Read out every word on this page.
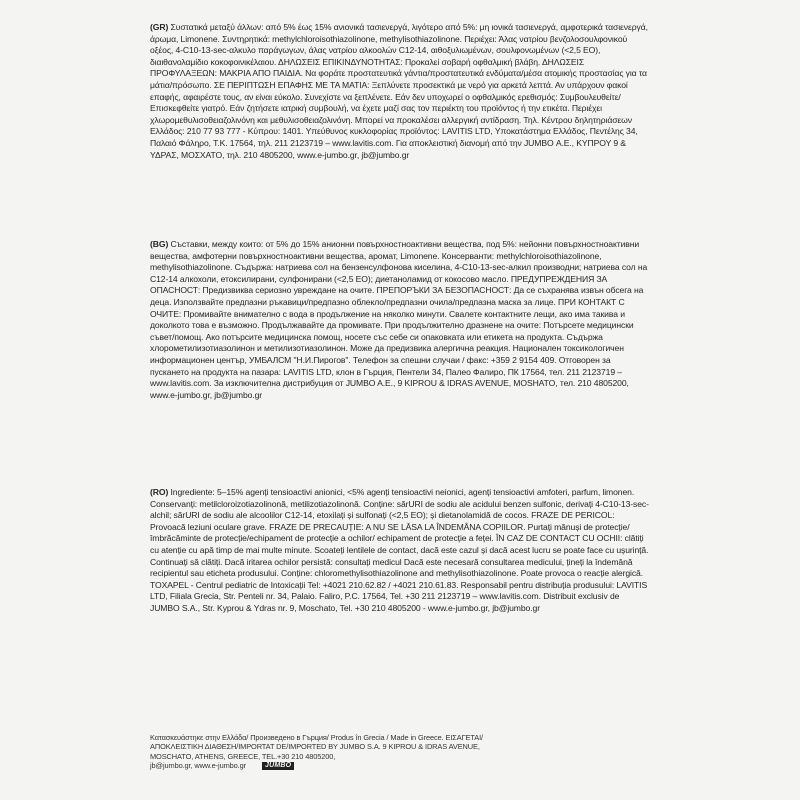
(GR) Συστατικά μεταξύ άλλων: από 5% έως 15% ανιονικά τασιενεργά, λιγότερο από 5%: μη ιονικά τασιενεργά, αμφοτερικά τασιενεργά, άρωμα, Limonene. Συντηρητικά: methylchloroisothiazolinone, methylisothiazolinone. Περιέχει: Άλας νατρίου βενζολοσουλφονικού οξέος, 4-C10-13-sec-αλκυλο παράγωγων, άλας νατρίου αλκοολών C12-14, αιθοξυλιωμένων, σουλφονωμένων (<2,5 EO), διαιθανολαμίδιο κοκοφοινικέλαιου. ΔΗΛΩΣΕΙΣ ΕΠΙΚΙΝΔΥΝΟΤΗΤΑΣ: Προκαλεί σοβαρή οφθαλμική βλάβη. ΔΗΛΩΣΕΙΣ ΠΡΟΦΥΛΑΞΕΩΝ: ΜΑΚΡΙΑ ΑΠΟ ΠΑΙΔΙΑ. Να φοράτε προστατευτικά γάντια/προστατευτικά ενδύματα/μέσα ατομικής προστασίας για τα μάτια/πρόσωπο. ΣΕ ΠΕΡΙΠΤΩΣΗ ΕΠΑΦΗΣ ΜΕ ΤΑ ΜΑΤΙΑ: Ξεπλύνετε προσεκτικά με νερό για αρκετά λεπτά. Αν υπάρχουν φακοί επαφής, αφαιρέστε τους, αν είναι εύκολο. Συνεχίστε να ξεπλένετε. Εάν δεν υποχωρεί ο οφθαλμικός ερεθισμός: Συμβουλευθείτε/Επισκεφθείτε γιατρό. Εάν ζητήσετε ιατρική συμβουλή, να έχετε μαζί σας τον περιέκτη του προϊόντος ή την ετικέτα. Περιέχει χλωρομεθυλισοθειαζολινόνη και μεθυλισοθειαζολινόνη. Μπορεί να προκαλέσει αλλεργική αντίδραση. Τηλ. Κέντρου δηλητηριάσεων Ελλάδος: 210 77 93 777 - Κύπρου: 1401. Υπεύθυνος κυκλοφορίας προϊόντος: LAVITIS LTD, Υποκατάστημα Ελλάδος, Πεντέλης 34, Παλαιό Φάληρο, Τ.Κ. 17564, τηλ. 211 2123719 – www.lavitis.com. Για αποκλειστική διανομή από την JUMBO Α.Ε., ΚΥΠΡΟΥ 9 & ΥΔΡΑΣ, ΜΟΣΧΑΤΟ, τηλ. 210 4805200, www.e-jumbo.gr, jb@jumbo.gr

(BG) Съставки, между които: от 5% до 15% анионни повърхностноактивни вещества, под 5%: нейонни повърхностноактивни вещества, амфотерни повърхностноактивни вещества, аромат, Limonene. Консерванти: methylchloroisothiazolinone, methylisothiazolinone. Съдържа: натриева сол на бензенсулфонова киселина, 4-C10-13-sec-алкил производни; натриева сол на C12-14 алкохоли, етоксилирани, сулфонирани (<2,5 EO); диетаноламид от кокосово масло. ПРЕДУПРЕЖДЕНИЯ ЗА ОПАСНОСТ: Предизвиква сериозно увреждане на очите. ПРЕПОРЪКИ ЗА БЕЗОПАСНОСТ: Да се съхранява извън обсега на деца. Използвайте предпазни ръкавици/предпазно облекло/предпазни очила/предпазна маска за лице. ПРИ КОНТАКТ С ОЧИТЕ: Промивайте внимателно с вода в продължение на няколко минути. Свалете контактните лещи, ако има такива и доколкото това е възможно. Продължавайте да промивате. При продължително дразнене на очите: Потърсете медицински съвет/помощ. Ако потърсите медицинска помощ, носете със себе си опаковката или етикета на продукта. Съдържа хлорометилизотиазолинон и метилизотиазолинон. Може да предизвика алергична реакция. Национален токсикологичен информационен център, УМБАЛСМ "Н.И.Пирогов". Телефон за спешни случаи / факс: +359 2 9154 409. Отговорен за пускането на продукта на пазара: LAVITIS LTD, клон в Гърция, Пентели 34, Палео Фалиро, ПК 17564, тел. 211 2123719 – www.lavitis.com. За изключителна дистрибуция от JUMBO A.E., 9 KIPROU & IDRAS AVENUE, MOSHATO, тел. 210 4805200, www.e-jumbo.gr, jb@jumbo.gr

(RO) Ingrediente: 5–15% agenți tensioactivi anionici, <5% agenți tensioactivi neionici, agenți tensioactivi amfoteri, parfum, limonen. Conservanți: metilcloroizotiazolinonă, metilizotiazolinonă. Conține: sărURI de sodiu ale acidului benzen sulfonic, derivați 4-C10-13-sec-alchil; sărURI de sodiu ale alcoolilor C12-14, etoxilați și sulfonați (<2,5 EO); și dietanolamidă de cocos. FRAZE DE PERICOL: Provoacă leziuni oculare grave. FRAZE DE PRECAUȚIE: A NU SE LĂSA LA ÎNDEMÂNA COPIILOR. Purtați mănuși de protecție/îmbrăcăminte de protecție/echipament de protecție a ochilor/ echipament de protecție a feței. ÎN CAZ DE CONTACT CU OCHII: clătiți cu atenție cu apă timp de mai multe minute. Scoateți lentilele de contact, dacă este cazul și dacă acest lucru se poate face cu ușurință. Continuați să clătiți. Dacă iritarea ochilor persistă: consultați medicul Dacă este necesară consultarea medicului, țineți la îndemână recipientul sau eticheta produsului. Conține: chloromethylisothiazolinone and methylisothiazolinone. Poate provoca o reacție alergică. TOXAPEL - Centrul pediatric de Intoxicații Tel: +4021 210.62.82 / +4021 210.61.83. Responsabil pentru distribuția produsului: LAVITIS LTD, Filiala Grecia, Str. Penteli nr. 34, Palaio. Faliro, P.C. 17564, Tel. +30 211 2123719 – www.lavitis.com. Distribuit exclusiv de JUMBO S.A., Str. Kyprou & Ydras nr. 9, Moschato, Tel. +30 210 4805200 - www.e-jumbo.gr, jb@jumbo.gr

Κατασκευάστηκε στην Ελλάδα/ Произведено в Гърция/ Produs în Grecia / Made in Greece. ΕΙΣΑΓΕΤΑΙ/

ΑΠΟΚΛΕΙΣΤΙΚΗ ΔΙΑΘΕΣΗ/IMPORTAT DE/IMPORTED BY JUMBO S.A. 9 KIPROU & IDRAS AVENUE,

MOSCHATO, ATHENS, GREECE, TEL.+30 210 4805200,

jb@jumbo.gr, www.e-jumbo.gr	JUMBO
